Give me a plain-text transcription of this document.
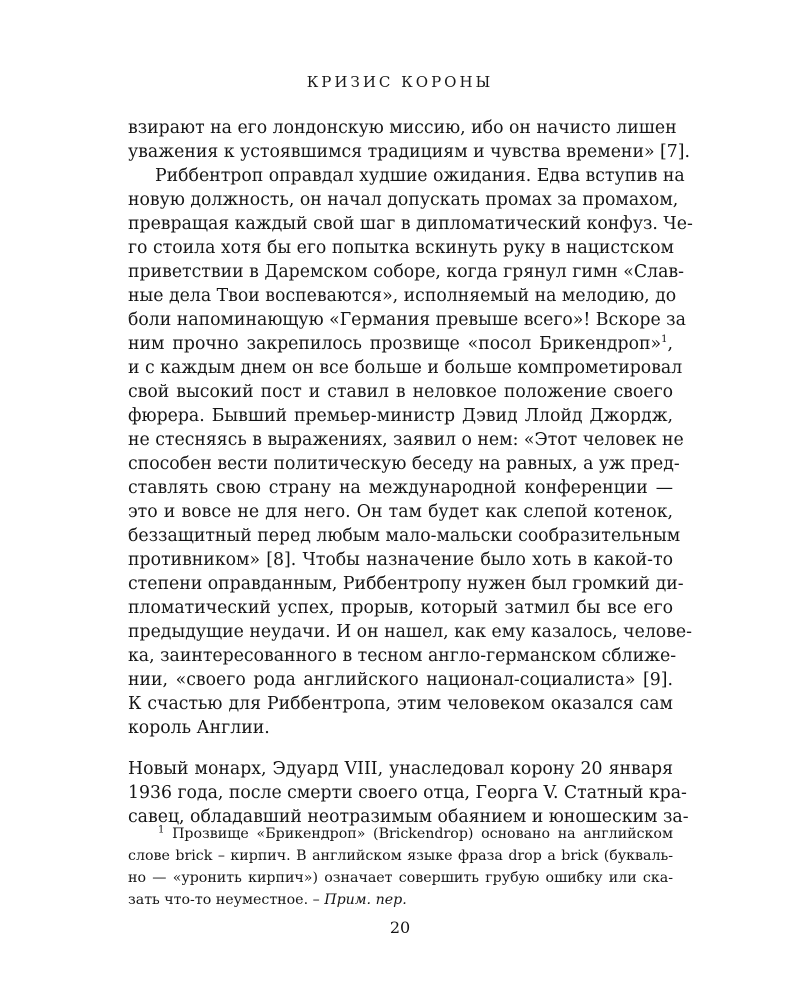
КРИЗИС КОРОНЫ
взирают на его лондонскую миссию, ибо он начисто лишен
уважения к устоявшимся традициям и чувства времени» [7].
Риббентроп оправдал худшие ожидания. Едва вступив на
новую должность, он начал допускать промах за промахом,
превращая каждый свой шаг в дипломатический конфуз. Че-
го стоила хотя бы его попытка вскинуть руку в нацистском
приветствии в Даремском соборе, когда грянул гимн «Слав-
ные дела Твои воспеваются», исполняемый на мелодию, до
боли напоминающую «Германия превыше всего»! Вскоре за
ним прочно закрепилось прозвище «посол Брикендроп»$^1$,
и с каждым днем он все больше и больше компрометировал
свой высокий пост и ставил в неловкое положение своего
фюрера. Бывший премьер-министр Дэвид Ллойд Джордж,
не стесняясь в выражениях, заявил о нем: «Этот человек не
способен вести политическую беседу на равных, а уж пред-
ставлять свою страну на международной конференции —
это и вовсе не для него. Он там будет как слепой котенок,
беззащитный перед любым мало-мальски сообразительным
противником» [8]. Чтобы назначение было хоть в какой-то
степени оправданным, Риббентропу нужен был громкий ди-
пломатический успех, прорыв, который затмил бы все его
предыдущие неудачи. И он нашел, как ему казалось, челове-
ка, заинтересованного в тесном англо-германском сближе-
нии, «своего рода английского национал-социалиста» [9].
К счастью для Риббентропа, этим человеком оказался сам
король Англии.
Новый монарх, Эдуард VIII, унаследовал корону 20 января
1936 года, после смерти своего отца, Георга V. Статный кра-
савец, обладавший неотразимым обаянием и юношеским за-
$^1$ Прозвище «Брикендроп» (Brickendrop) основано на английском
слове brick – кирпич. В английском языке фраза drop a brick (букваль-
но — «уронить кирпич») означает совершить грубую ошибку или ска-
зать что-то неуместное. – Прим. пер.
20
